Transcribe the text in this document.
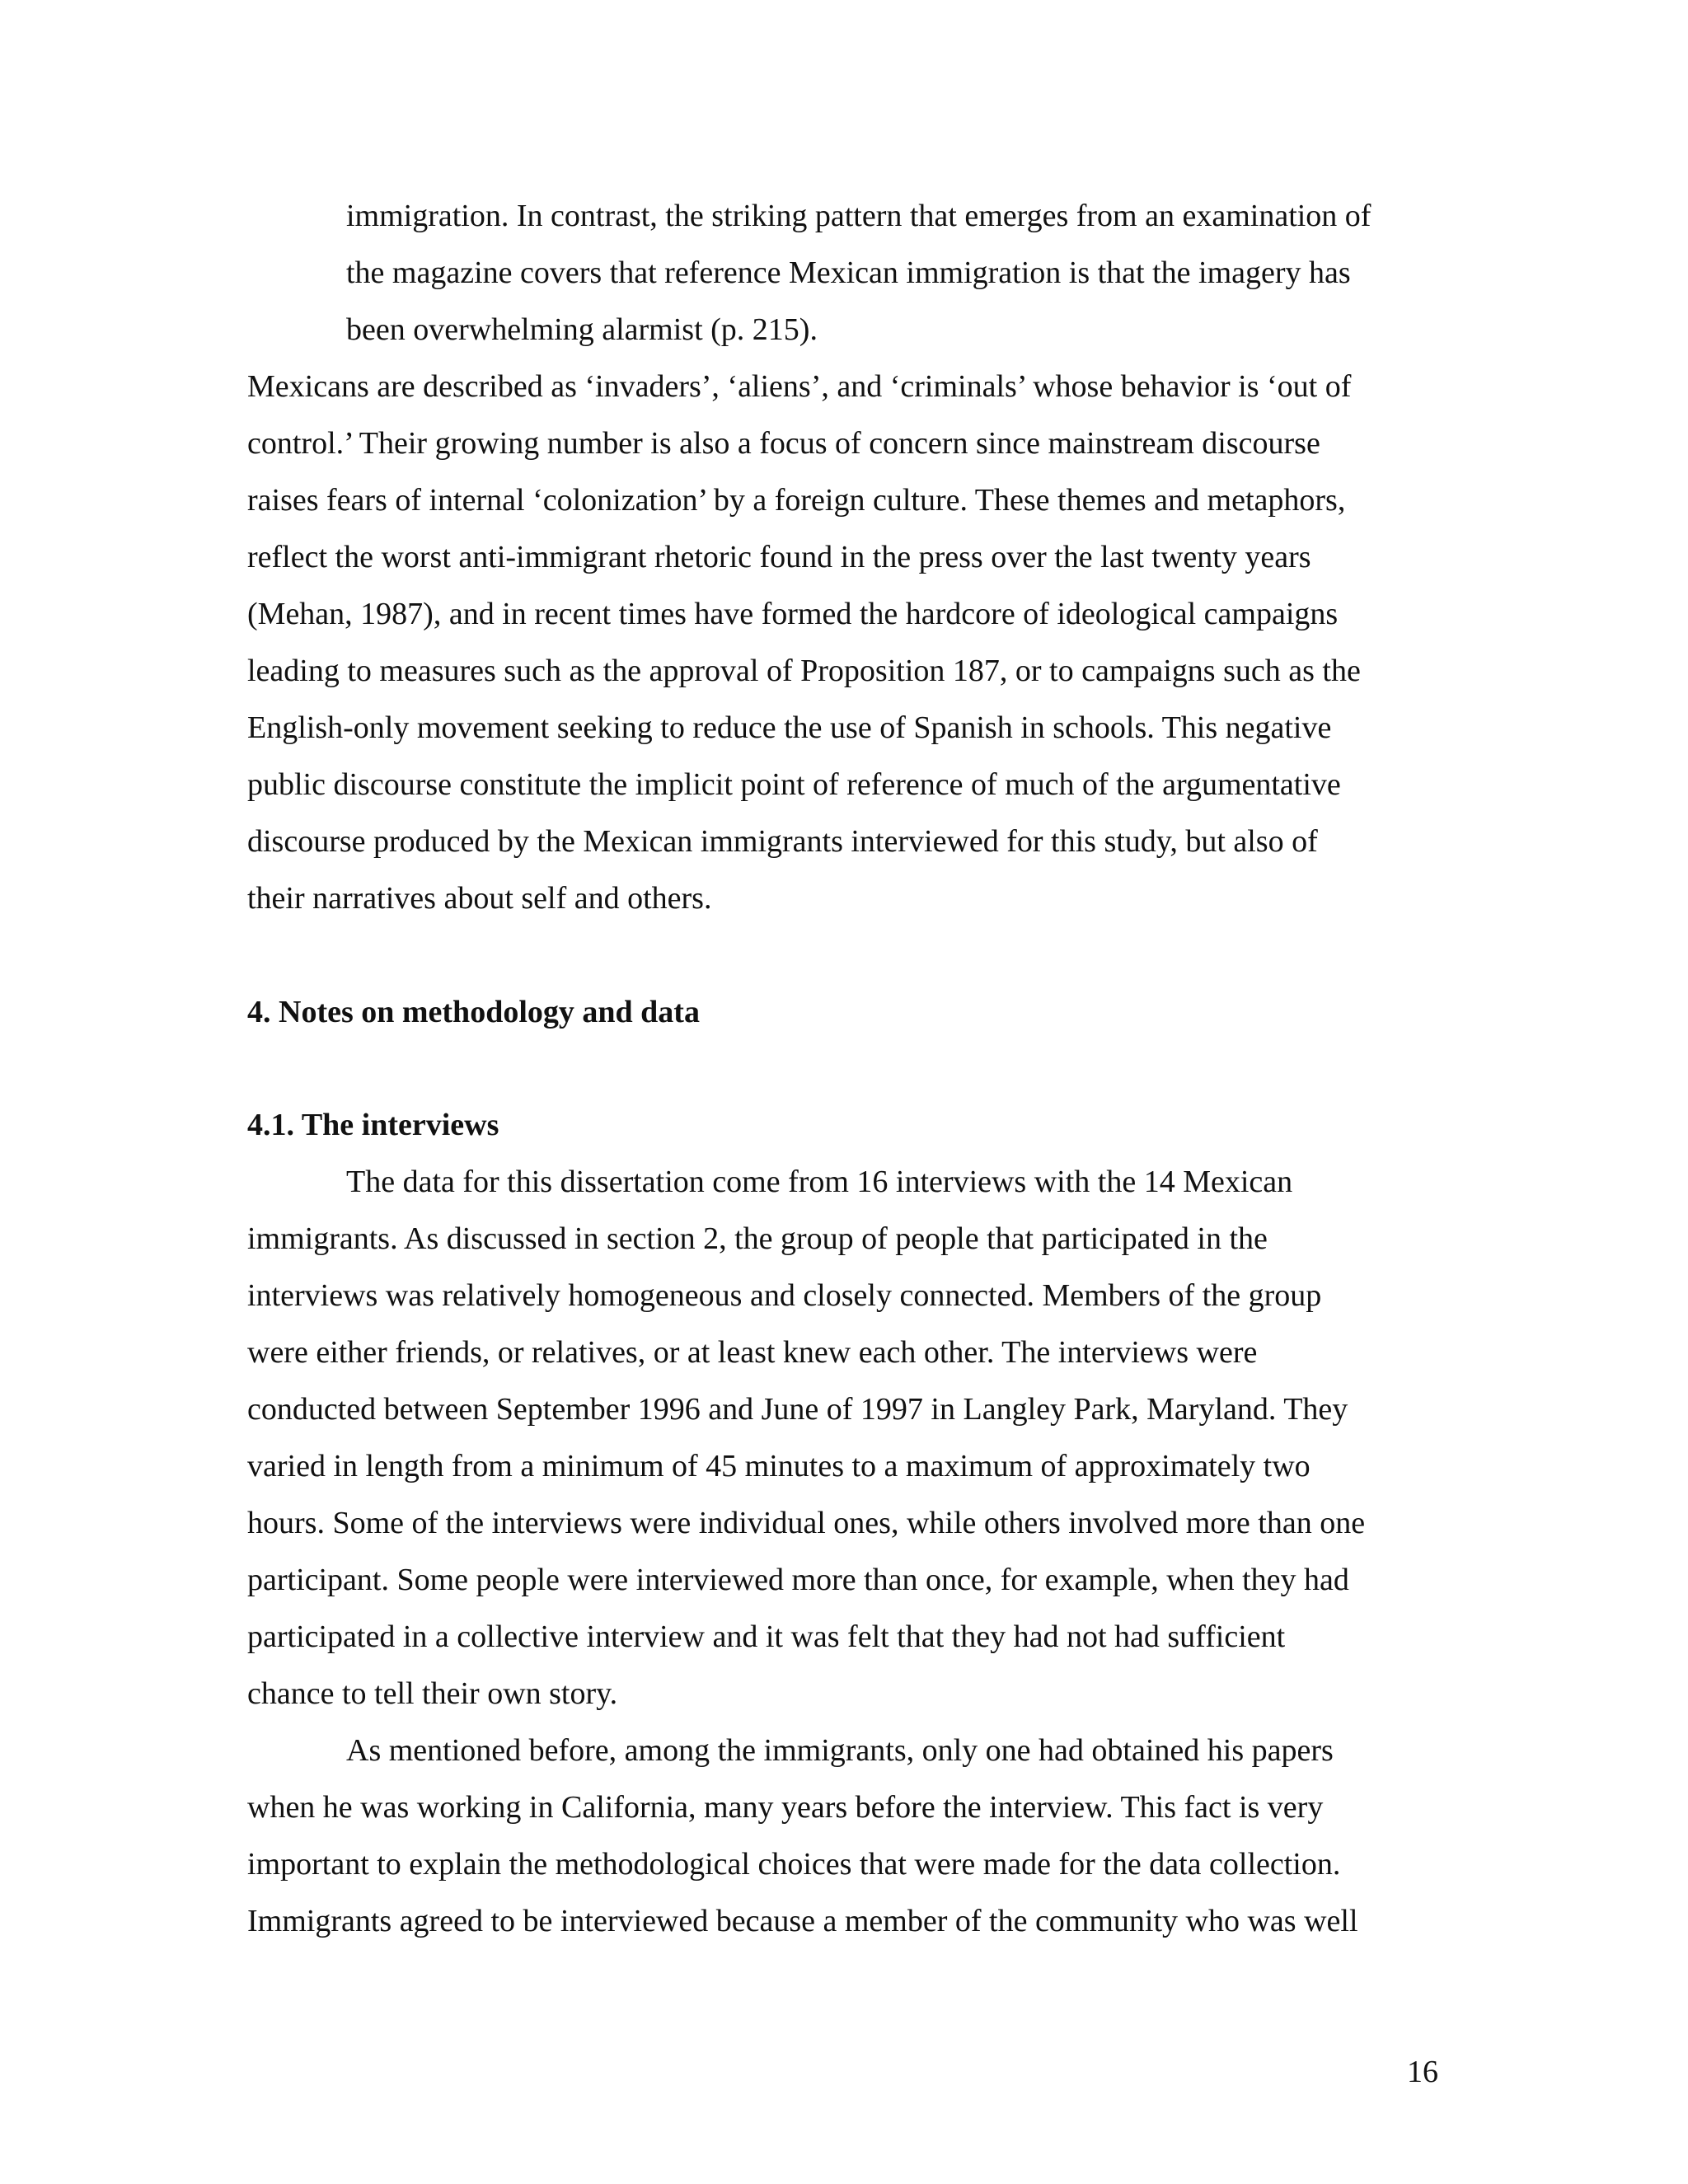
immigration. In contrast, the striking pattern that emerges from an examination of
the magazine covers that reference Mexican immigration is that the imagery has
been overwhelming alarmist (p. 215).
Mexicans are described as ‘invaders’, ‘aliens’, and ‘criminals’ whose behavior is ‘out of
control.’ Their growing number is also a focus of concern since mainstream discourse
raises fears of internal ‘colonization’ by a foreign culture. These themes and metaphors,
reflect the worst anti-immigrant rhetoric found in the press over the last twenty years
(Mehan, 1987), and in recent times have formed the hardcore of ideological campaigns
leading to measures such as the approval of Proposition 187, or to campaigns such as the
English-only movement seeking to reduce the use of Spanish in schools. This negative
public discourse constitute the implicit point of reference of much of the argumentative
discourse produced by the Mexican immigrants interviewed for this study, but also of
their narratives about self and others.
4. Notes on methodology and data
4.1. The interviews
The data for this dissertation come from 16 interviews with the 14 Mexican
immigrants. As discussed in section 2, the group of people that participated in the
interviews was relatively homogeneous and closely connected. Members of the group
were either friends, or relatives, or at least knew each other. The interviews were
conducted between September 1996 and June of 1997 in Langley Park, Maryland. They
varied in length from a minimum of 45 minutes to a maximum of approximately two
hours. Some of the interviews were individual ones, while others involved more than one
participant. Some people were interviewed more than once, for example, when they had
participated in a collective interview and it was felt that they had not had sufficient
chance to tell their own story.
As mentioned before, among the immigrants, only one had obtained his papers
when he was working in California, many years before the interview. This fact is very
important to explain the methodological choices that were made for the data collection.
Immigrants agreed to be interviewed because a member of the community who was well
16
